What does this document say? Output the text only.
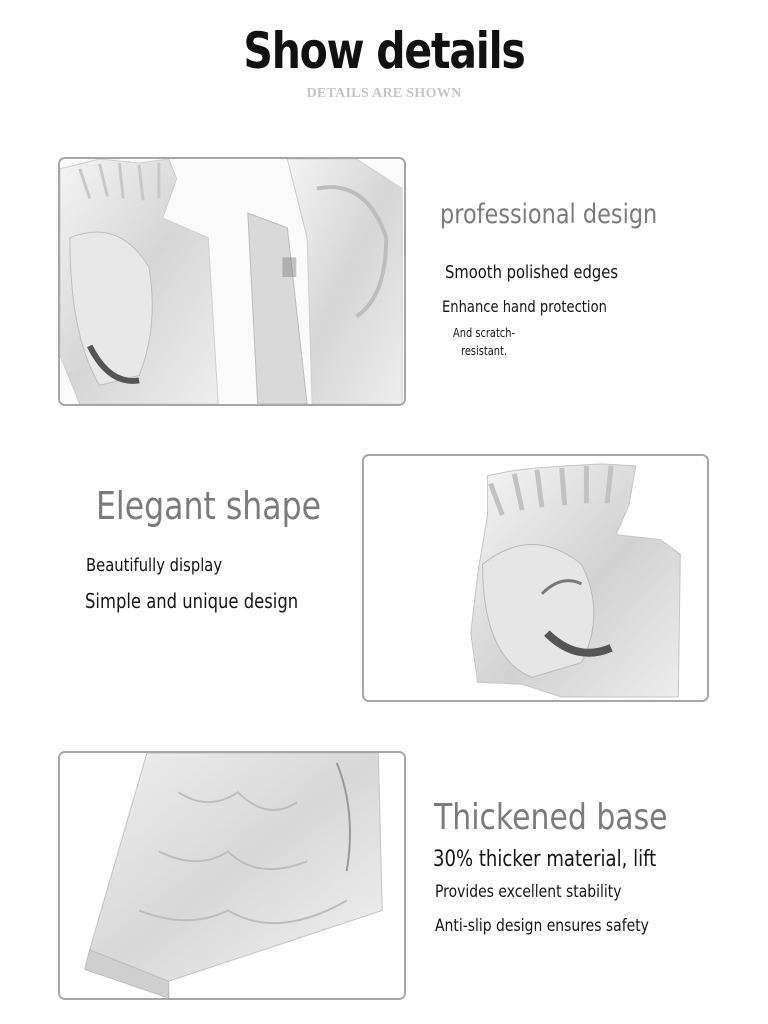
Show details
DETAILS ARE SHOWN
professional design
Smooth polished edges
Enhance hand protection
And scratch-
resistant.
Elegant shape
Beautifully display
Simple and unique design
Thickened base
30% thicker material, lift
Provides excellent stability
Anti-slip design ensures safety
